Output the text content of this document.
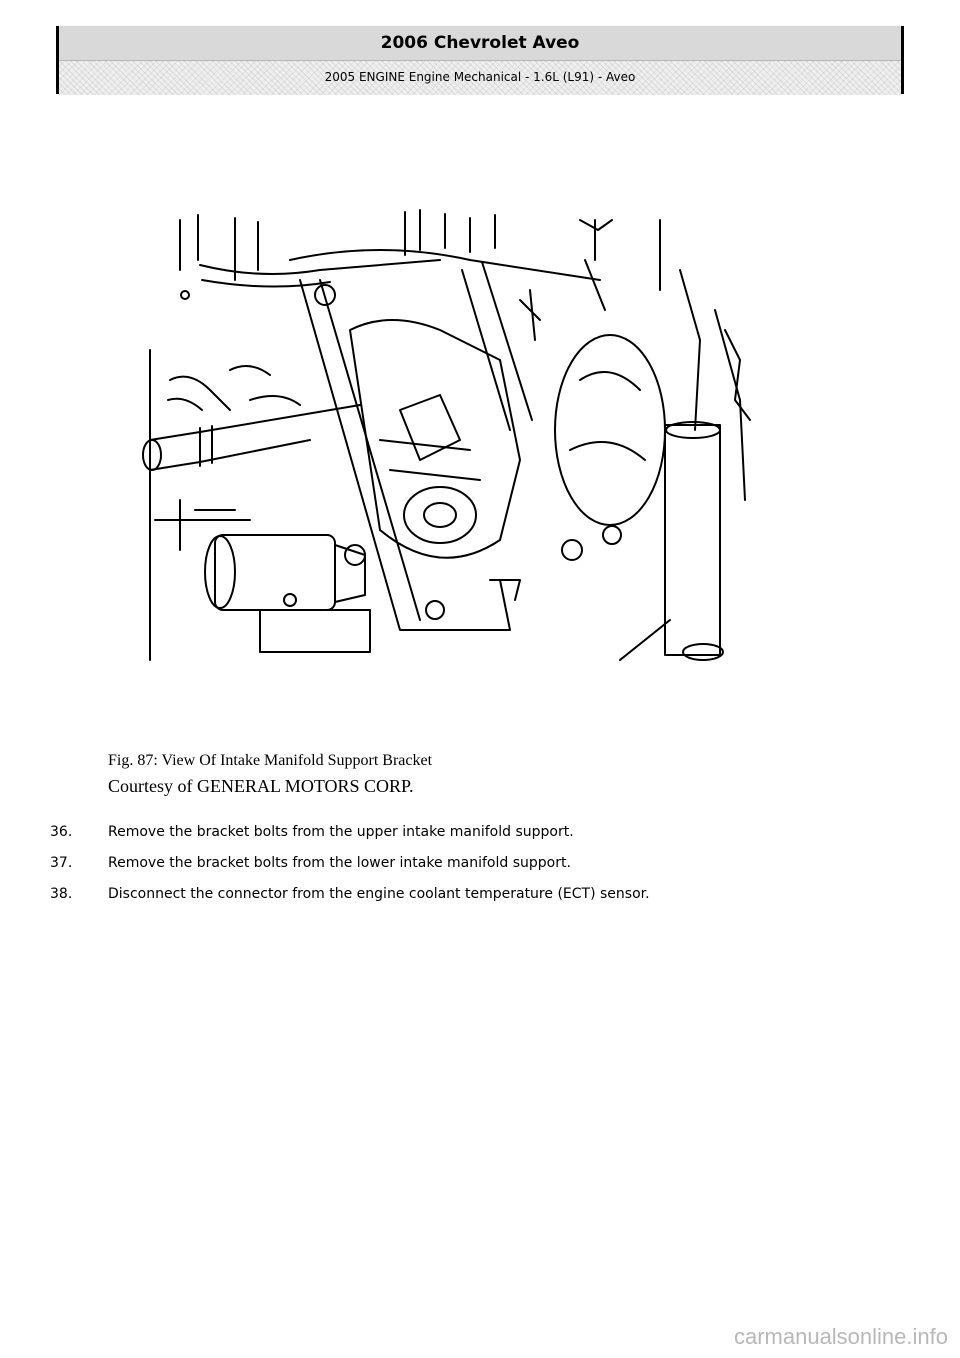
2006 Chevrolet Aveo
2005 ENGINE Engine Mechanical - 1.6L (L91) - Aveo
Fig. 87: View Of Intake Manifold Support Bracket
Courtesy of GENERAL MOTORS CORP.
36.	Remove the bracket bolts from the upper intake manifold support.
37.	Remove the bracket bolts from the lower intake manifold support.
38.	Disconnect the connector from the engine coolant temperature (ECT) sensor.
carmanualsonline.info
